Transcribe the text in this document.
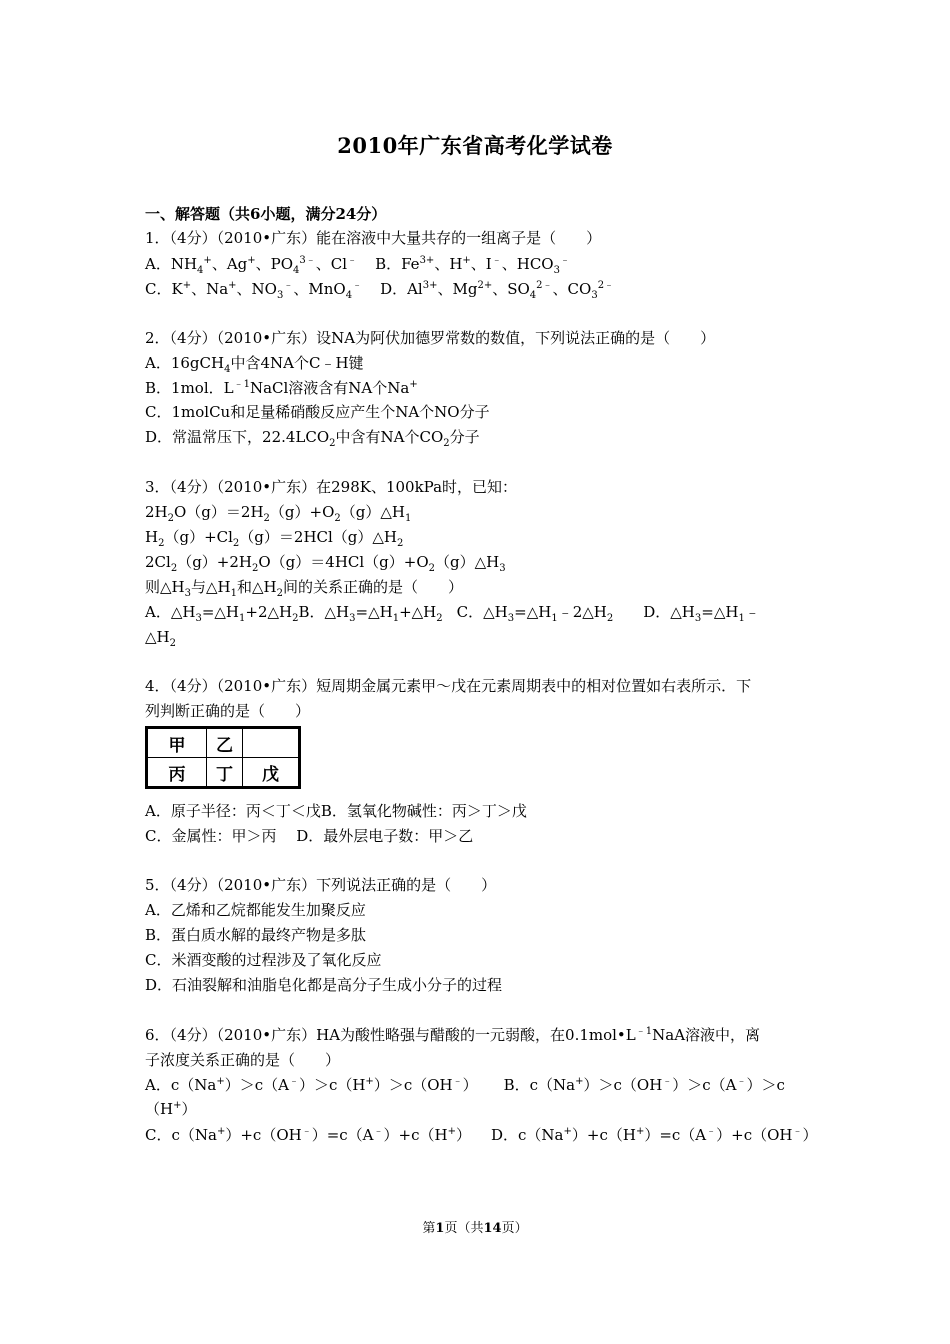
2010年广东省高考化学试卷
一、解答题（共6小题，满分24分）
1．（4分）（2010•广东）能在溶液中大量共存的一组离子是（　　）
A．$NH_4^+$、Ag+、$PO_4^{3﹣}$、Cl﹣ B．$Fe^{3+}$、H+、I﹣、$HCO_3^﹣$
C．K+、Na+、$NO_3^﹣$、MnO$_4$﹣ D．$Al^{3+}$、$Mg^{2+}$、$SO_4^{2﹣}$、$CO_3^{2﹣}$
2．（4分）（2010•广东）设NA为阿伏加德罗常数的数值，下列说法正确的是（　　）
A．16gCH$_4$中含4NA个C﹣H键
B．1mol．$L^{﹣1}NaCl$溶液含有NA个Na+
C．1molCu和足量稀硝酸反应产生个NA个NO分子
D．常温常压下，$22.4LCO_2$中含有NA个$CO_2$分子
3．（4分）（2010•广东）在298K、100kPa时，已知：
$2H_2O(g)=2H_2(g)+O_2(g)\triangle H_1$
$H_2(g)+Cl_2(g)=2HCl(g)\triangle H_2$
$2Cl_2(g)+2H_2O(g)=4HCl(g)+O_2(g)\triangle H_3$
则$\triangle H_3$与$\triangle H_1$和$\triangle H_2$间的关系正确的是（　　）
A．$\triangle H_3=\triangle H_1+2\triangle H_2B$．$\triangle H_3=\triangle H_1+\triangle H_2$ C．$\triangle H_3=\triangle H_1﹣2\triangle H_2$ D．$\triangle H_3=\triangle H_1﹣$
$\triangle H_2$
4．（4分）（2010•广东）短周期金属元素甲～戊在元素周期表中的相对位置如右表所示．下
列判断正确的是（　　）
甲	乙	
丙	丁	戊
A．原子半径：丙＜丁＜戊B．氢氧化物碱性：丙＞丁＞戊
C．金属性：甲＞丙　 D．最外层电子数：甲＞乙
5．（4分）（2010•广东）下列说法正确的是（　　）
A．乙烯和乙烷都能发生加聚反应
B．蛋白质水解的最终产物是多肽
C．米酒变酸的过程涉及了氧化反应
D．石油裂解和油脂皂化都是高分子生成小分子的过程
6．（4分）（2010•广东）HA为酸性略强与醋酸的一元弱酸，在$0.1mol•L^{﹣1}NaA$溶液中，离
子浓度关系正确的是（　　）
A．c（Na+）＞c（A﹣）＞c（H+）＞c（OH﹣） B．c（Na+）＞c（OH﹣）＞c（A﹣）＞c
（H+）
C．c（Na+）+c（OH﹣）=c（A﹣）+c（H+） D．c（Na+）+c（H+）=c（A﹣）+c（OH﹣）
第1页（共14页）
